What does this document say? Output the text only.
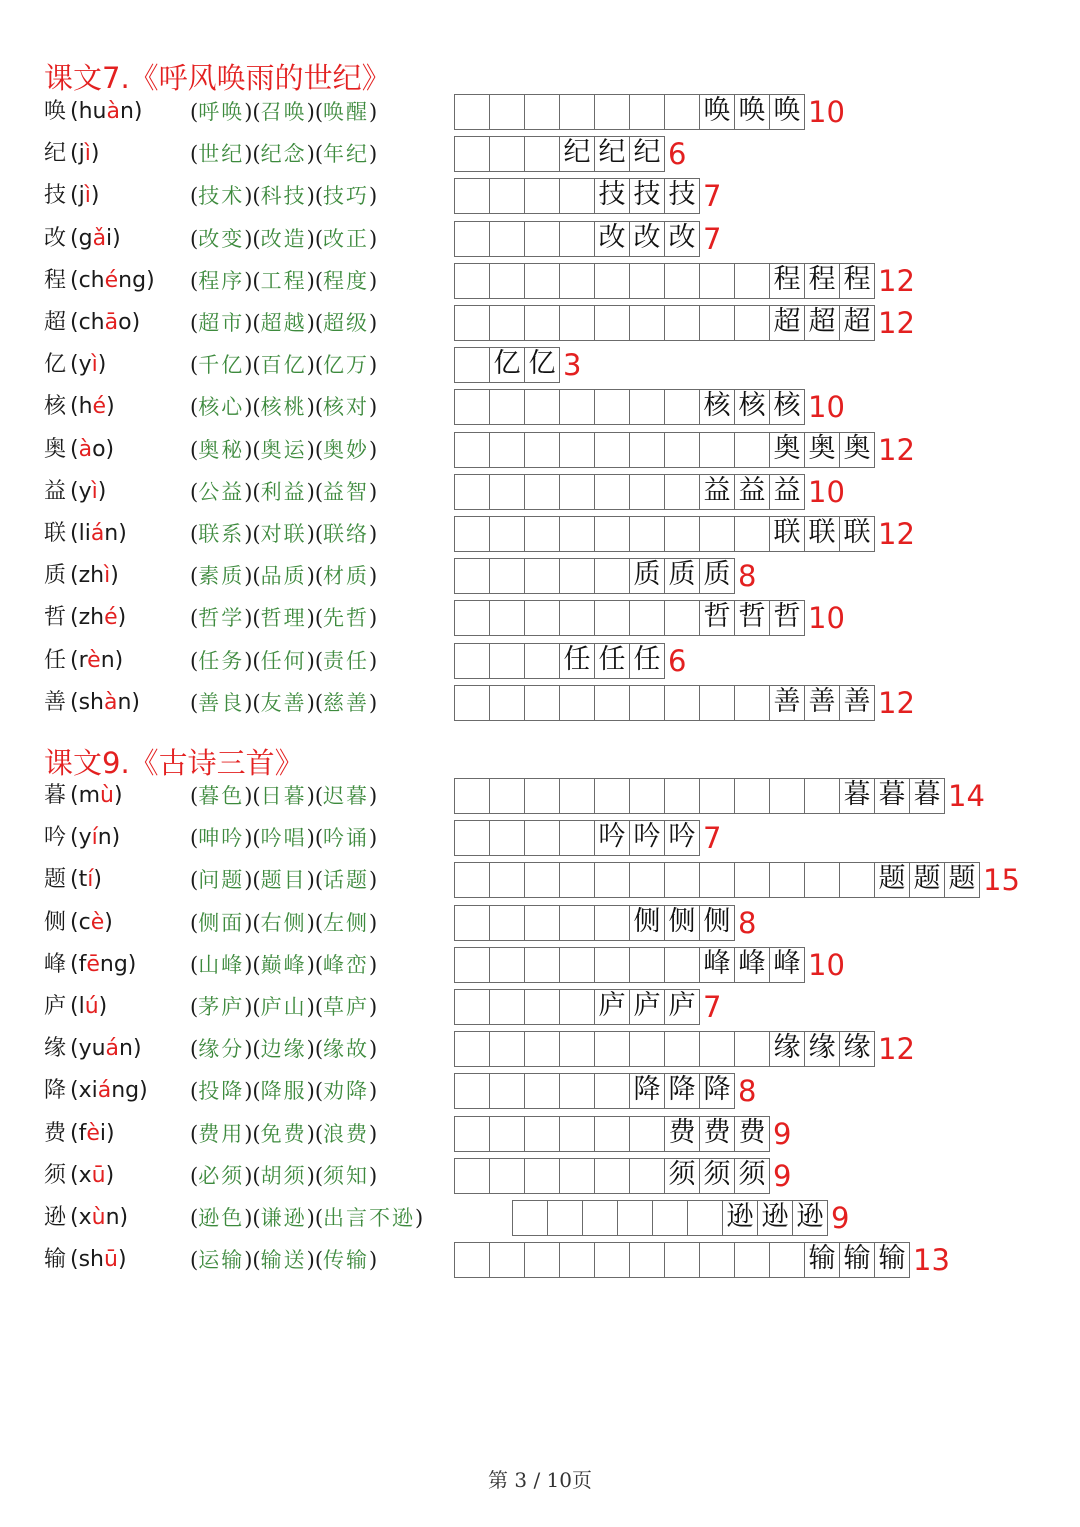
课文7.《呼风唤雨的世纪》
唤 (huàn) (呼唤)(召唤)(唤醒)	唤 唤 唤 10
纪 (jì)	(世纪)(纪念)(年纪)	纪 纪 纪 6
技 (jì)	(技术)(科技)(技巧)	技 技 技 7
改 (gǎi)	(改变)(改造)(改正)	改 改 改 7
程 (chéng) (程序)(工程)(程度)	程 程 程 12
超 (chāo) (超市)(超越)(超级)	超 超 超 12
亿 (yì)	(千亿)(百亿)(亿万)	亿 亿 3
核 (hé)	(核心)(核桃)(核对)	核 核 核 10
奥 (ào)	(奥秘)(奥运)(奥妙)	奥 奥 奥 12
益 (yì)	(公益)(利益)(益智)	益 益 益 10
联 (lián)	(联系)(对联)(联络)	联 联 联 12
质 (zhì)	(素质)(品质)(材质)	质 质 质 8
哲 (zhé)	(哲学)(哲理)(先哲)	哲 哲 哲 10
任 (rèn)	(任务)(任何)(责任)	任 任 任 6
善 (shàn) (善良)(友善)(慈善)	善 善 善 12
课文9.《古诗三首》
暮 (mù)	(暮色)(日暮)(迟暮)	暮 暮 暮 14
吟 (yín)	(呻吟)(吟唱)(吟诵)	吟 吟 吟 7
题 (tí)	(问题)(题目)(话题)	题 题 题 15
侧 (cè)	(侧面)(右侧)(左侧)	侧 侧 侧 8
峰 (fēng)	(山峰)(巅峰)(峰峦)	峰 峰 峰 10
庐 (lú)	(茅庐)(庐山)(草庐)	庐 庐 庐 7
缘 (yuán) (缘分)(边缘)(缘故)	缘 缘 缘 12
降 (xiáng) (投降)(降服)(劝降)	降 降 降 8
费 (fèi)	(费用)(免费)(浪费)	费 费 费 9
须 (xū)	(必须)(胡须)(须知)	须 须 须 9
逊 (xùn)	(逊色)(谦逊)(出言不逊)	逊 逊 逊 9
输 (shū)	(运输)(输送)(传输)	输 输 输 13
第 3 / 10页
